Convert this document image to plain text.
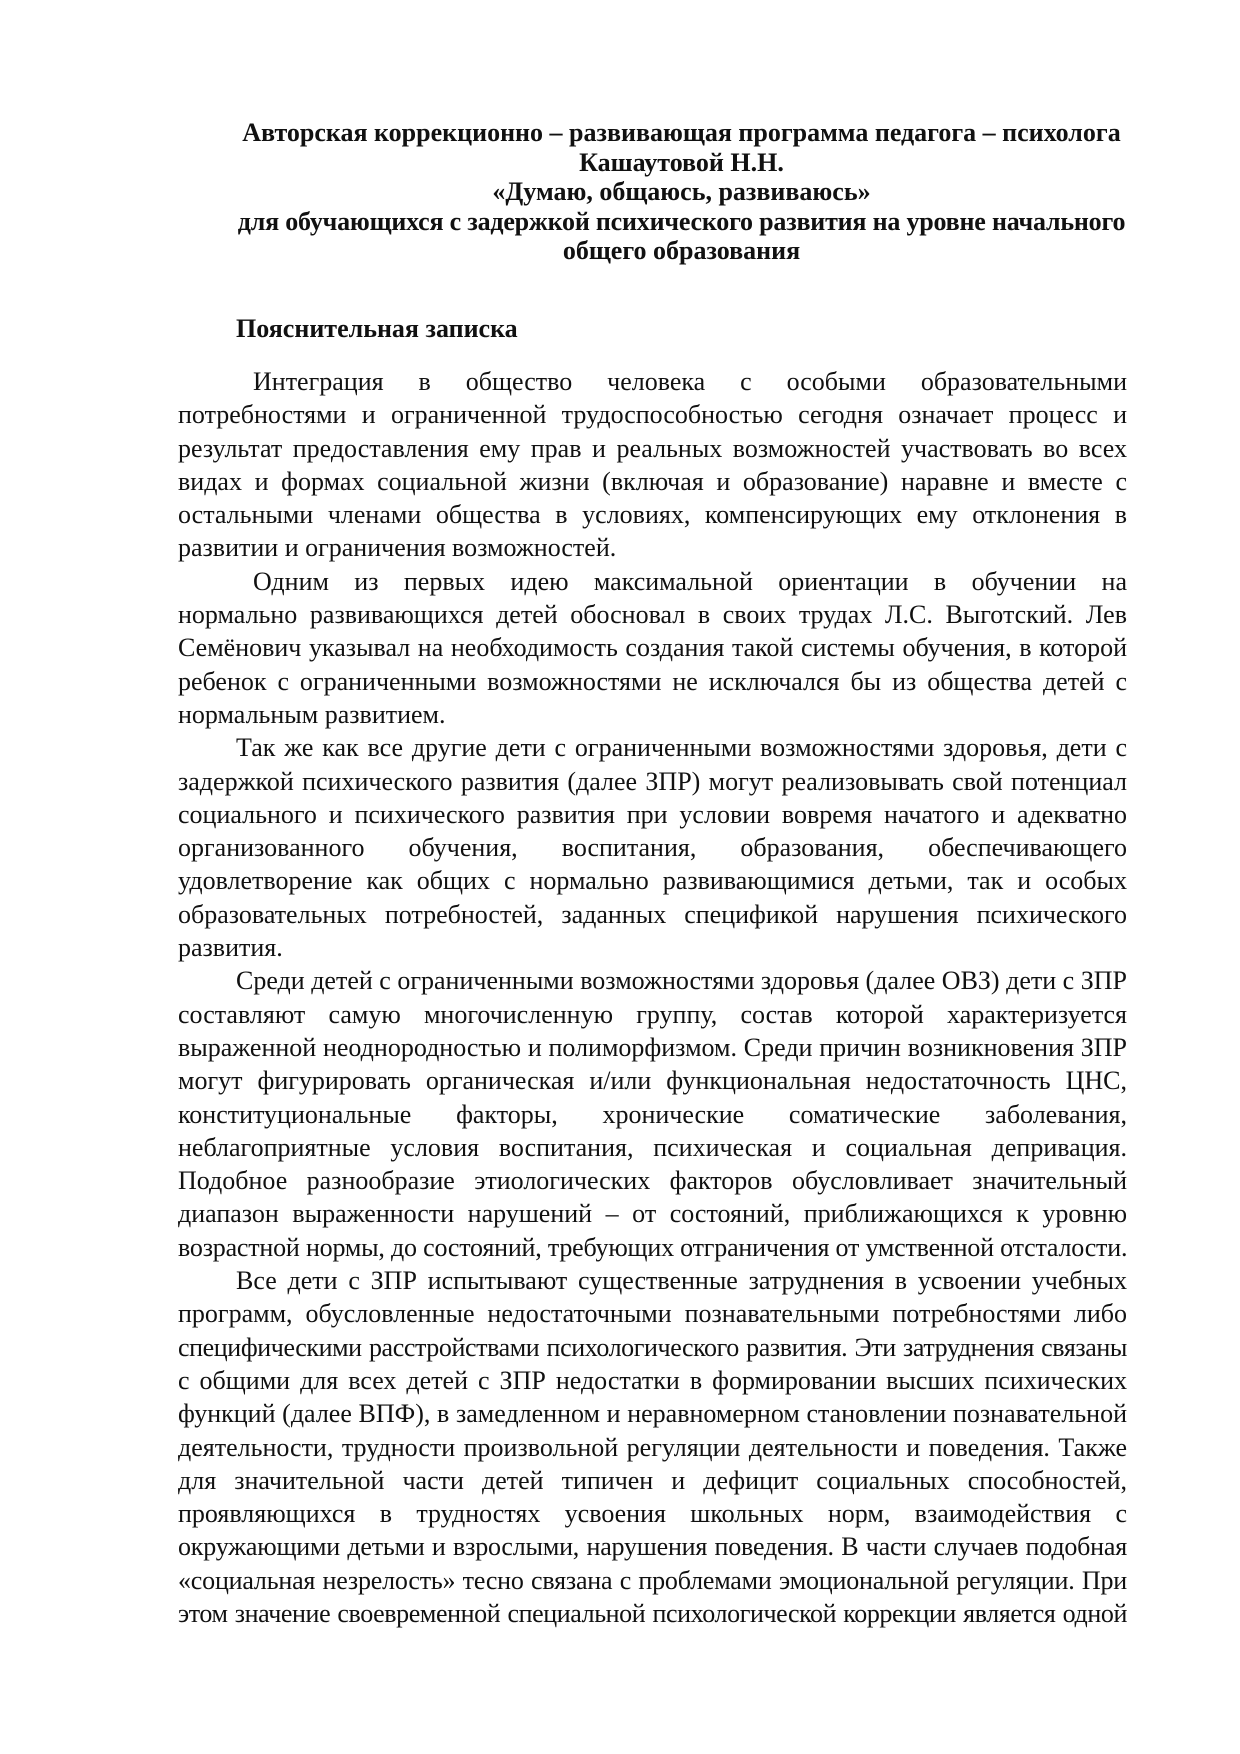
Авторская коррекционно – развивающая программа педагога – психолога
Кашаутовой Н.Н.
«Думаю, общаюсь, развиваюсь»
для обучающихся с задержкой психического развития на уровне начального
общего образования
Пояснительная записка
Интеграция в общество человека с особыми образовательными
потребностями и ограниченной трудоспособностью сегодня означает процесс и
результат предоставления ему прав и реальных возможностей участвовать во всех
видах и формах социальной жизни (включая и образование) наравне и вместе с
остальными членами общества в условиях, компенсирующих ему отклонения в
развитии и ограничения возможностей.
Одним из первых идею максимальной ориентации в обучении на
нормально развивающихся детей обосновал в своих трудах Л.С. Выготский. Лев
Семёнович указывал на необходимость создания такой системы обучения, в которой
ребенок с ограниченными возможностями не исключался бы из общества детей с
нормальным развитием.
Так же как все другие дети с ограниченными возможностями здоровья, дети с
задержкой психического развития (далее ЗПР) могут реализовывать свой потенциал
социального и психического развития при условии вовремя начатого и адекватно
организованного обучения, воспитания, образования, обеспечивающего
удовлетворение как общих с нормально развивающимися детьми, так и особых
образовательных потребностей, заданных спецификой нарушения психического
развития.
Среди детей с ограниченными возможностями здоровья (далее ОВЗ) дети с ЗПР
составляют самую многочисленную группу, состав которой характеризуется
выраженной неоднородностью и полиморфизмом. Среди причин возникновения ЗПР
могут фигурировать органическая и/или функциональная недостаточность ЦНС,
конституциональные факторы, хронические соматические заболевания,
неблагоприятные условия воспитания, психическая и социальная депривация.
Подобное разнообразие этиологических факторов обусловливает значительный
диапазон выраженности нарушений – от состояний, приближающихся к уровню
возрастной нормы, до состояний, требующих отграничения от умственной отсталости.
Все дети с ЗПР испытывают существенные затруднения в усвоении учебных
программ, обусловленные недостаточными познавательными потребностями либо
специфическими расстройствами психологического развития. Эти затруднения связаны
с общими для всех детей с ЗПР недостатки в формировании высших психических
функций (далее ВПФ), в замедленном и неравномерном становлении познавательной
деятельности, трудности произвольной регуляции деятельности и поведения. Также
для значительной части детей типичен и дефицит социальных способностей,
проявляющихся в трудностях усвоения школьных норм, взаимодействия с
окружающими детьми и взрослыми, нарушения поведения. В части случаев подобная
«социальная незрелость» тесно связана с проблемами эмоциональной регуляции. При
этом значение своевременной специальной психологической коррекции является одной
